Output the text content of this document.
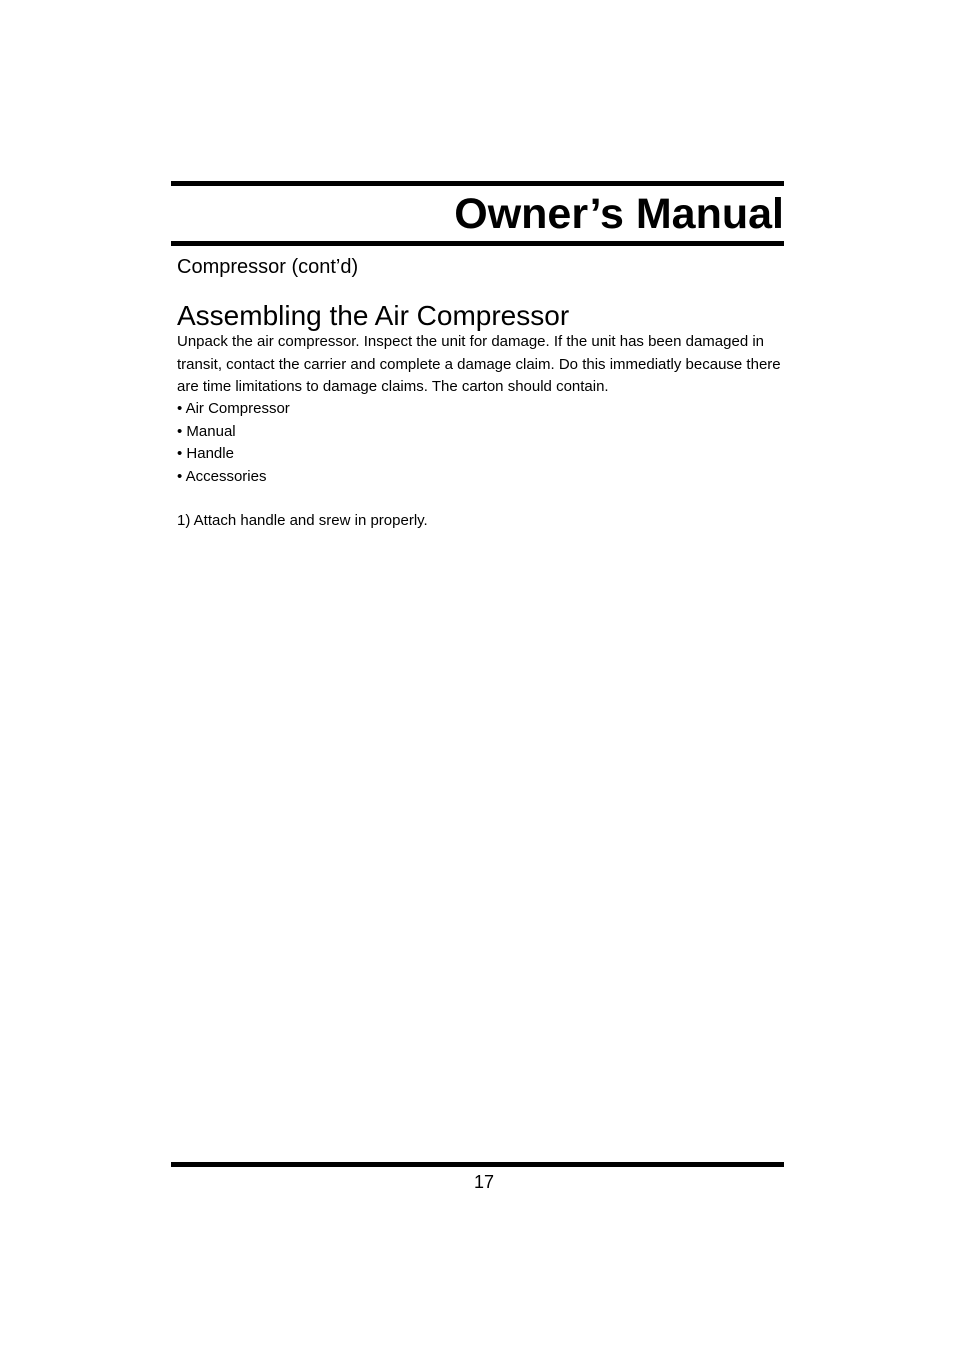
Owner’s Manual

Compressor (cont’d)

Assembling the Air Compressor

Unpack the air compressor. Inspect the unit for damage. If the unit has been damaged in transit, contact the carrier and complete a damage claim. Do this immediatly because there are time limitations to damage claims. The carton should contain.

• Air Compressor
• Manual
• Handle
• Accessories

1) Attach handle and srew in properly.

17
